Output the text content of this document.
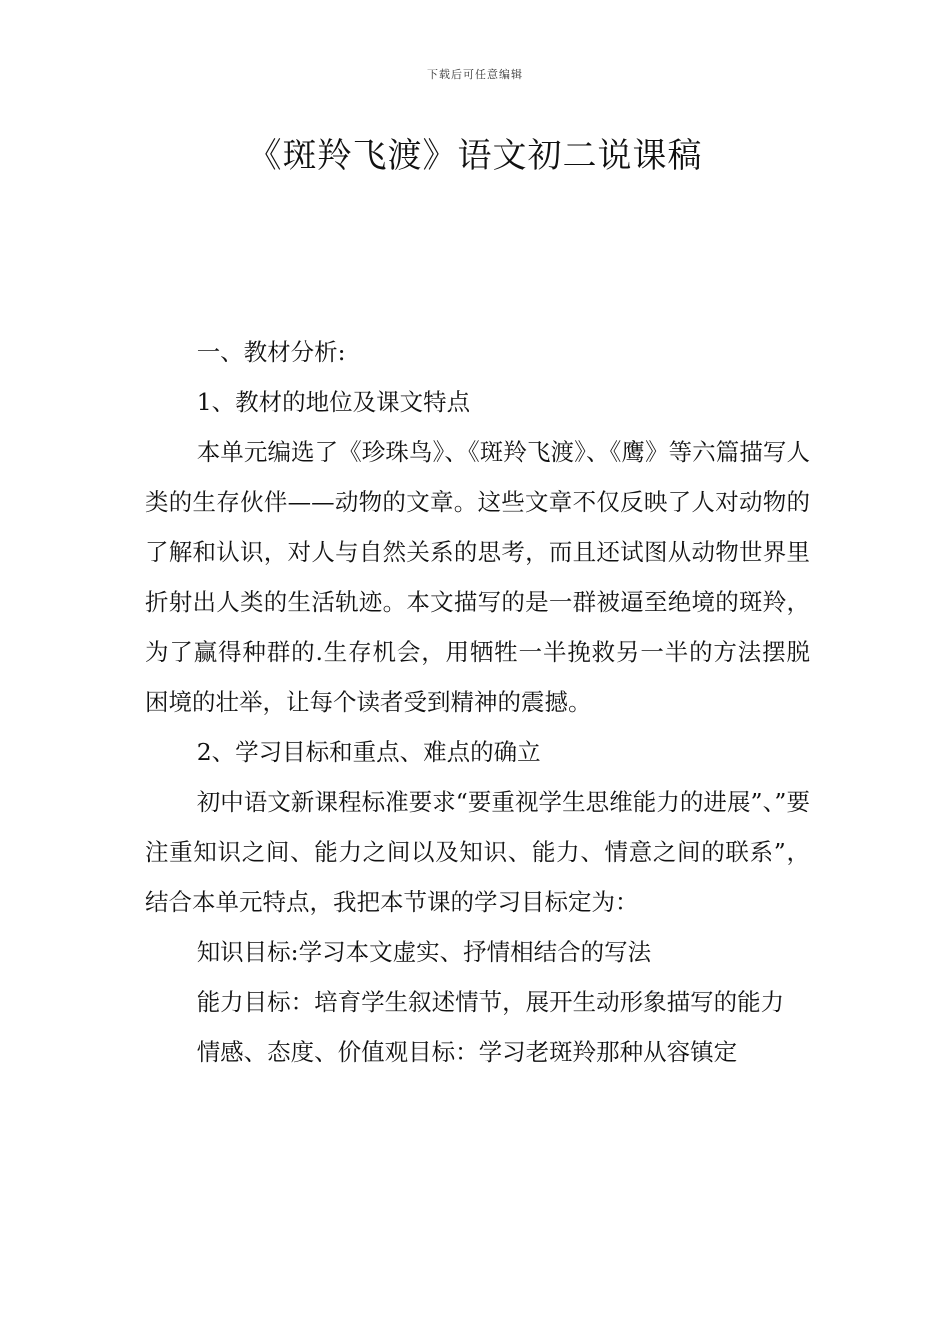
下载后可任意编辑
《斑羚飞渡》语文初二说课稿

一、教材分析:

1、教材的地位及课文特点

本单元编选了《珍珠鸟》、《斑羚飞渡》、《鹰》等六篇描写人类的生存伙伴——动物的文章。这些文章不仅反映了人对动物的了解和认识，对人与自然关系的思考，而且还试图从动物世界里折射出人类的生活轨迹。本文描写的是一群被逼至绝境的斑羚，为了赢得种群的.生存机会，用牺牲一半挽救另一半的方法摆脱困境的壮举，让每个读者受到精神的震撼。

2、学习目标和重点、难点的确立

初中语文新课程标准要求“要重视学生思维能力的进展”、”要注重知识之间、能力之间以及知识、能力、情意之间的联系”，结合本单元特点，我把本节课的学习目标定为：

知识目标:学习本文虚实、抒情相结合的写法

能力目标：培育学生叙述情节，展开生动形象描写的能力

情感、态度、价值观目标：学习老斑羚那种从容镇定
